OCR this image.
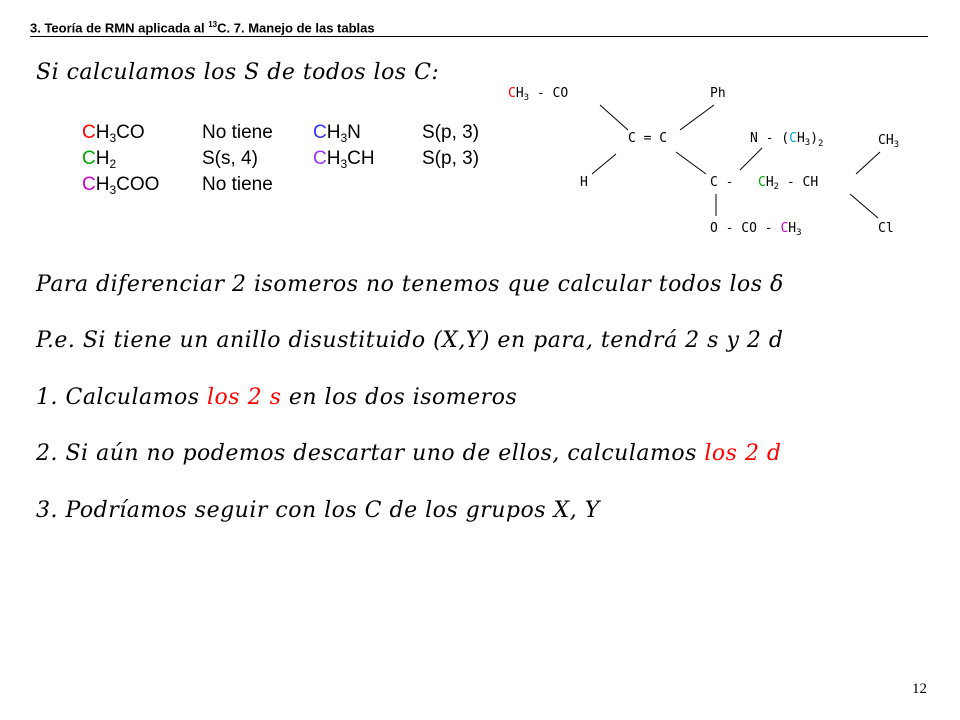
3. Teoría de RMN aplicada al $^{13}$C. 7. Manejo de las tablas
Si calculamos los S de todos los C:
$CH_3CO$	No tiene $CH_3N$	S(p, 3)
$CH_2$	S(s, 4)	$CH_3CH$ S(p, 3)
$CH_3COO$ No tiene
$CH_3$ - CO	Ph
C = C	N - $(CH_3)_2$	$CH_3$
H	C - $CH_2$ - CH
O - CO - $CH_3$	Cl
Para diferenciar 2 isomeros no tenemos que calcular todos los δ
P.e. Si tiene un anillo disustituido (X,Y) en para, tendrá 2 s y 2 d
1. Calculamos los 2 s en los dos isomeros
2. Si aún no podemos descartar uno de ellos, calculamos los 2 d
3. Podríamos seguir con los C de los grupos X, Y
12
